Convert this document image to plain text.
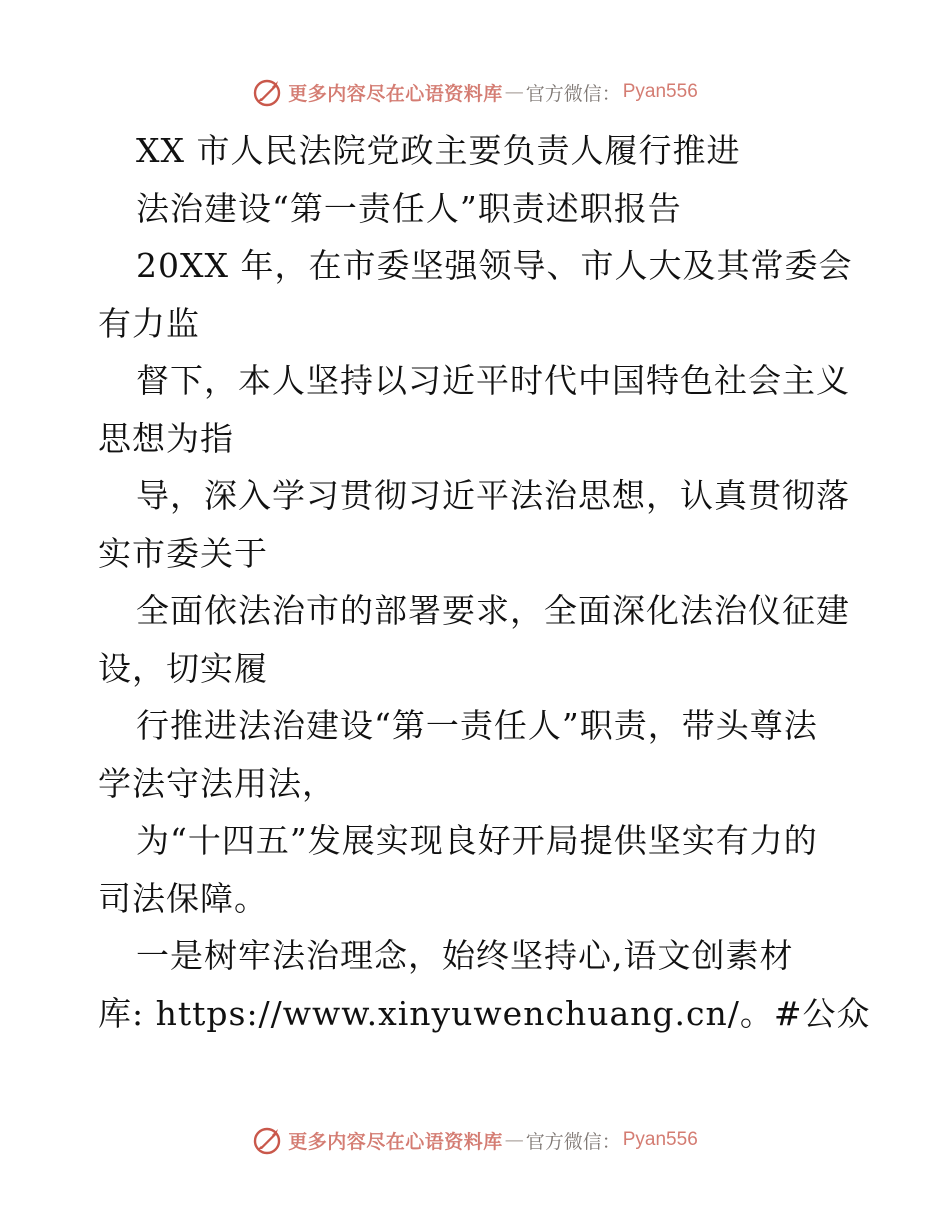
更多内容尽在心语资料库 — 官方微信： Pyan556
XX 市人民法院党政主要负责人履行推进
法治建设“第一责任人”职责述职报告
20XX 年，在市委坚强领导、市人大及其常委会
有力监
督下，本人坚持以习近平时代中国特色社会主义
思想为指
导，深入学习贯彻习近平法治思想，认真贯彻落
实市委关于
全面依法治市的部署要求，全面深化法治仪征建
设，切实履
行推进法治建设“第一责任人”职责，带头尊法
学法守法用法，
为“十四五”发展实现良好开局提供坚实有力的
司法保障。
一是树牢法治理念，始终坚持心,语文创素材
库: https://www.xinyuwenchuang.cn/。#公众
更多内容尽在心语资料库 — 官方微信： Pyan556
